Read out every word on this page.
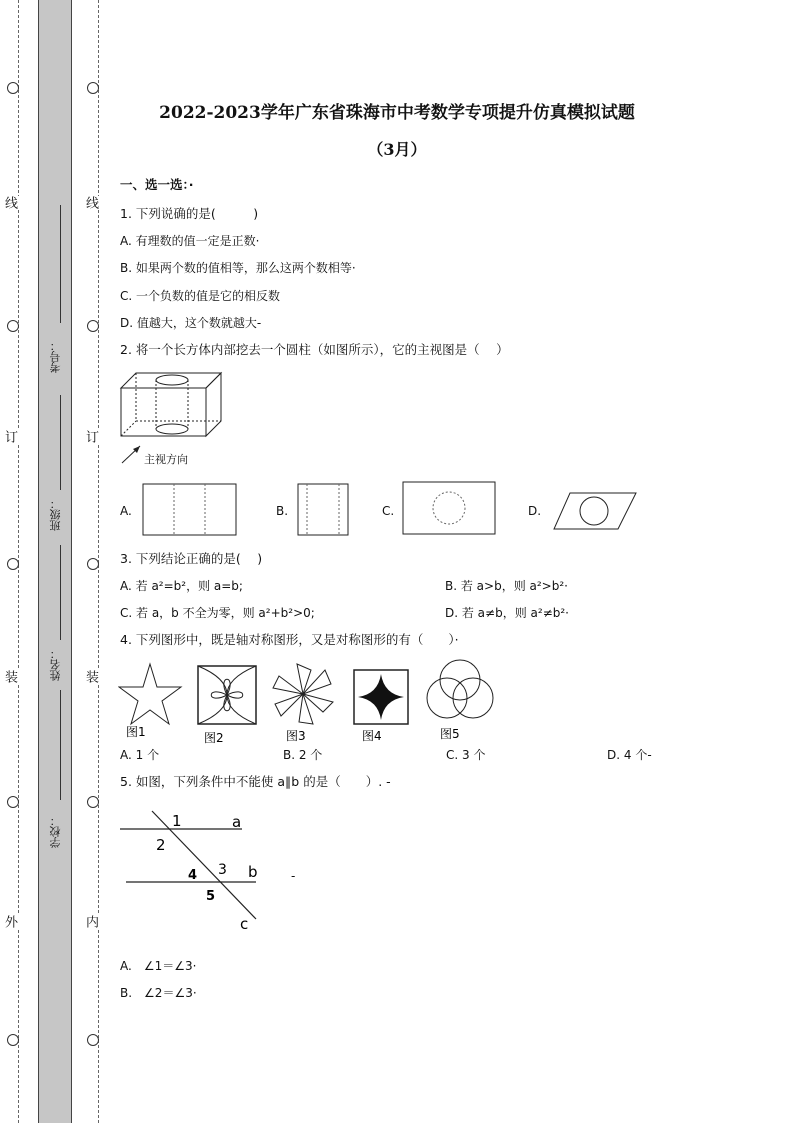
线
订
装
外
线
订
装
内
考号：
班级：
姓名：
学校：
2022-2023学年广东省珠海市中考数学专项提升仿真模拟试题
（3月）
一、选一选：·
1. 下列说确的是(　　　)
A. 有理数的值一定是正数·
B. 如果两个数的值相等，那么这两个数相等·
C. 一个负数的值是它的相反数
D. 值越大，这个数就越大-
2. 将一个长方体内部挖去一个圆柱（如图所示），它的主视图是（　 ）
主视方向
A.	B.	C.	D.
3. 下列结论正确的是(　 )
A. 若 a²=b²，则 a=b;	B. 若 a>b，则 a²>b²·
C. 若 a，b 不全为零，则 a²+b²>0;	D. 若 a≠b，则 a²≠b²·
4. 下列图形中，既是轴对称图形，又是对称图形的有（　　）·
图1	图2	图3	图4	图5
A. 1 个	B. 2 个	C. 3 个	D. 4 个-
5. 如图，下列条件中不能使 a∥b 的是（　　）. -
1	a
2
3 b
4
5
c
-
A.　∠1＝∠3·
B.　∠2＝∠3·
